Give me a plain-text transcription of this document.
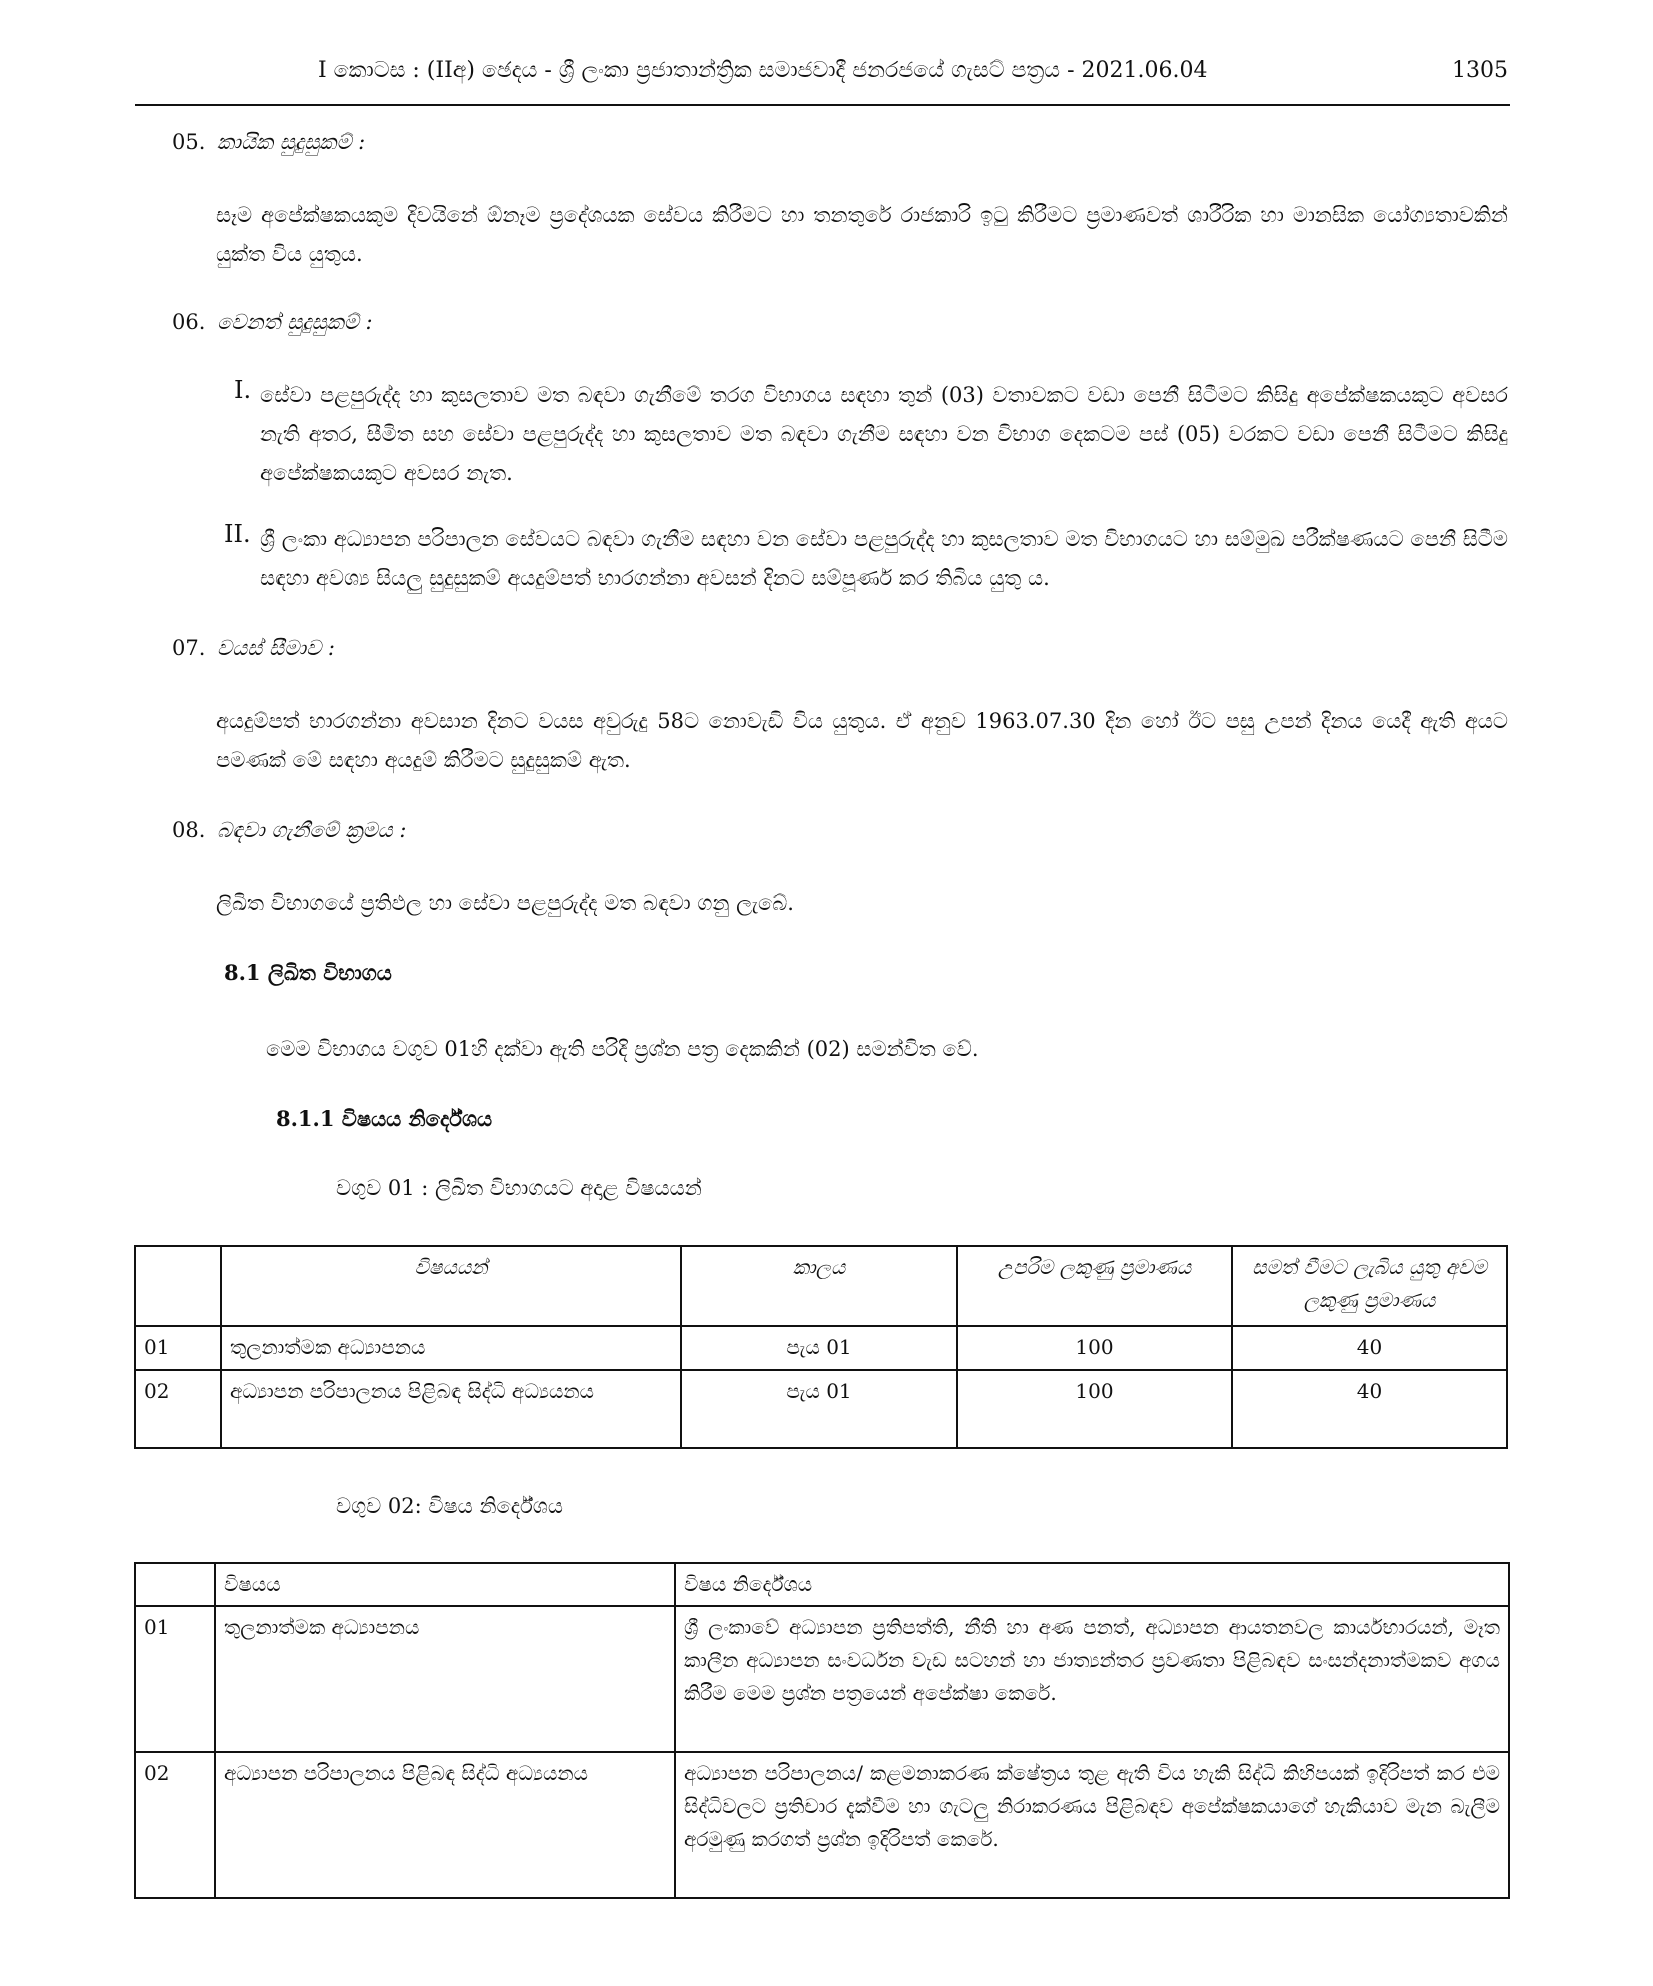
I කොටස : (IIඅ) ඡෙදය - ශ්‍රී ලංකා ප්‍රජාතාන්ත්‍රික සමාජවාදී ජනරජයේ ගැසට් පත්‍රය - 2021.06.04	1305
05. කායික සුදුසුකම් :
සෑම අපේක්ෂකයකුම දිවයිනේ ඕනෑම ප්‍රදේශයක සේවය කිරීමට හා තනතුරේ රාජකාරි ඉටු කිරීමට ප්‍රමාණවත් ශාරීරික හා මානසික යෝග්‍යතාවකින් යුක්ත විය යුතුය.
06. වෙනත් සුදුසුකම් :
I. සේවා පළපුරුද්ද හා කුසලතාව මත බඳවා ගැනීමේ තරග විභාගය සඳහා තුන් (03) වතාවකට වඩා පෙනී සිටීමට කිසිදු අපේක්ෂකයකුට අවසර නැති අතර, සීමිත සහ සේවා පළපුරුද්ද හා කුසලතාව මත බඳවා ගැනීම සඳහා වන විභාග දෙකටම පස් (05) වරකට වඩා පෙනී සිටීමට කිසිදු අපේක්ෂකයකුට අවසර නැත.
II. ශ්‍රී ලංකා අධ්‍යාපන පරිපාලන සේවයට බඳවා ගැනීම සඳහා වන සේවා පළපුරුද්ද හා කුසලතාව මත විභාගයට හා සම්මුඛ පරීක්ෂණයට පෙනී සිටීම සඳහා අවශ්‍ය සියලු සුදුසුකම් අයදුම්පත් භාරගන්නා අවසන් දිනට සම්පූර්ණ කර තිබිය යුතු ය.
07. වයස් සීමාව :
අයදුම්පත් භාරගන්නා අවසාන දිනට වයස අවුරුදු 58ට නොවැඩි විය යුතුය. ඒ අනුව 1963.07.30 දින හෝ ඊට පසු උපන් දිනය යෙදී ඇති අයට පමණක් මේ සඳහා අයදුම් කිරීමට සුදුසුකම් ඇත.
08. බඳවා ගැනීමේ ක්‍රමය :
ලිඛිත විභාගයේ ප්‍රතිඵල හා සේවා පළපුරුද්ද මත බඳවා ගනු ලැබේ.
8.1 ලිඛිත විභාගය
මෙම විභාගය වගුව 01හි දක්වා ඇති පරිදි ප්‍රශ්න පත්‍ර දෙකකින් (02) සමන්විත වේ.
8.1.1 විෂයය නිර්දේශය
වගුව 01 : ලිඛිත විභාගයට අදාළ විෂයයන්
	විෂයයන්	කාලය	උපරිම ලකුණු ප්‍රමාණය	සමත් වීමට ලැබිය යුතු අවම ලකුණු ප්‍රමාණය
01	තුලනාත්මක අධ්‍යාපනය	පැය 01	100	40
02	අධ්‍යාපන පරිපාලනය පිළිබඳ සිද්ධි අධ්‍යයනය	පැය 01	100	40
වගුව 02: විෂය නිර්දේශය
	විෂයය	විෂය නිර්දේශය
01	තුලනාත්මක අධ්‍යාපනය	ශ්‍රී ලංකාවේ අධ්‍යාපන ප්‍රතිපත්ති, නීති හා අණ පනත්, අධ්‍යාපන ආයතනවල කාර්යභාරයන්, මෑත කාලීන අධ්‍යාපන සංවර්ධන වැඩ සටහන් හා ජාත්‍යන්තර ප්‍රවණතා පිළිබඳව සංසන්දනාත්මකව අගය කිරීම මෙම ප්‍රශ්න පත්‍රයෙන් අපේක්ෂා කෙරේ.
02	අධ්‍යාපන පරිපාලනය පිළිබඳ සිද්ධි අධ්‍යයනය	අධ්‍යාපන පරිපාලනය/ කළමනාකරණ ක්ෂේත්‍රය තුළ ඇති විය හැකි සිද්ධි කිහිපයක් ඉදිරිපත් කර එම සිද්ධිවලට ප්‍රතිචාර දැක්වීම හා ගැටලු නිරාකරණය පිළිබඳව අපේක්ෂකයාගේ හැකියාව මැන බැලීම අරමුණු කරගත් ප්‍රශ්න ඉදිරිපත් කෙරේ.
